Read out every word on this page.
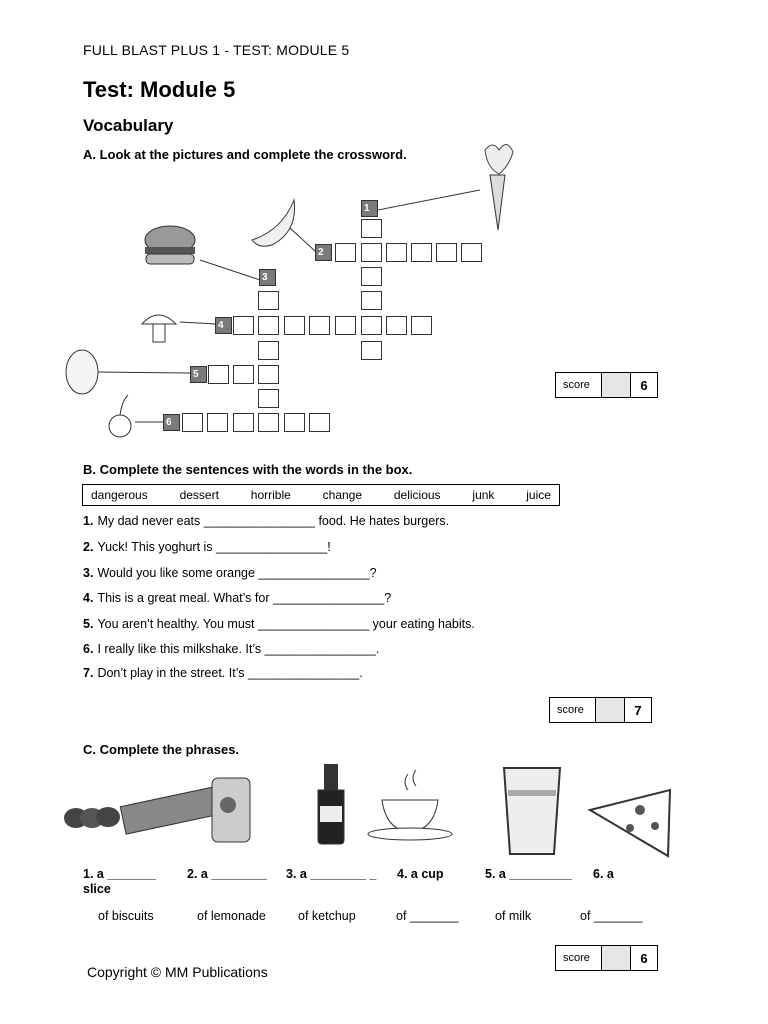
FULL BLAST PLUS 1 - TEST: MODULE 5
Test: Module 5
Vocabulary
A. Look at the pictures and complete the crossword.
1
2
3
4
5
6
score	6
B. Complete the sentences with the words in the box.
dangerous	dessert	horrible	change	delicious	junk	juice
1. My dad never eats ________________ food. He hates burgers.
2. Yuck! This yoghurt is ________________!
3. Would you like some orange ________________?
4. This is a great meal. What’s for ________________?
5. You aren’t healthy. You must ________________ your eating habits.
6. I really like this milkshake. It’s ________________.
7. Don’t play in the street. It’s ________________.
score	7
C. Complete the phrases.
1. a _______ 2. a ________ 3. a ________ _ 4. a cup	5. a _________ 6. a
slice
of biscuits	of lemonade	of ketchup	of _______	of milk	of _______
score	6
Copyright © MM Publications
